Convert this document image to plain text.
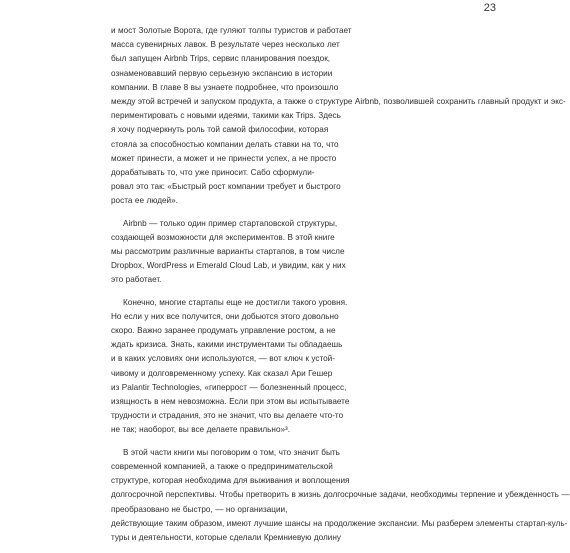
23

и мост Золотые Ворота, где гуляют толпы туристов и работает
масса сувенирных лавок. В результате через несколько лет
был запущен Airbnb Trips, сервис планирования поездок,
ознаменовавший первую серьезную экспансию в истории
компании. В главе 8 вы узнаете подробнее, что произошло
между этой встречей и запуском продукта, а также о структуре Airbnb, позволившей сохранить главный продукт и экс-
периментировать с новыми идеями, такими как Trips. Здесь
я хочу подчеркнуть роль той самой философии, которая
стояла за способностью компании делать ставки на то, что
может принести, а может и не принести успех, а не просто
дорабатывать то, что уже приносит. Сабо сформули-
ровал это так: «Быстрый рост компании требует и быстрого
роста ее людей».

Airbnb — только один пример стартаповской структуры,
создающей возможности для экспериментов. В этой книге
мы рассмотрим различные варианты стартапов, в том числе
Dropbox, WordPress и Emerald Cloud Lab, и увидим, как у них
это работает.

Конечно, многие стартапы еще не достигли такого уровня.
Но если у них все получится, они добьются этого довольно
скоро. Важно заранее продумать управление ростом, а не
ждать кризиса. Знать, какими инструментами ты обладаешь
и в каких условиях они используются, — вот ключ к устой-
чивому и долговременному успеху. Как сказал Ари Гешер
из Palantir Technologies, «гиперрост — болезненный процесс,
изящность в нем невозможна. Если при этом вы испытываете
трудности и страдания, это не значит, что вы делаете что-то
не так; наоборот, вы все делаете правильно»³.

В этой части книги мы поговорим о том, что значит быть
современной компанией, а также о предпринимательской
структуре, которая необходима для выживания и воплощения
долгосрочной перспективы. Чтобы претворить в жизнь долгосрочные задачи, необходимы терпение и убежденность —
преобразовано не быстро, — но организации,
действующие таким образом, имеют лучшие шансы на продолжение экспансии. Мы разберем элементы стартап-куль-
туры и деятельности, которые сделали Кремниевую долину
